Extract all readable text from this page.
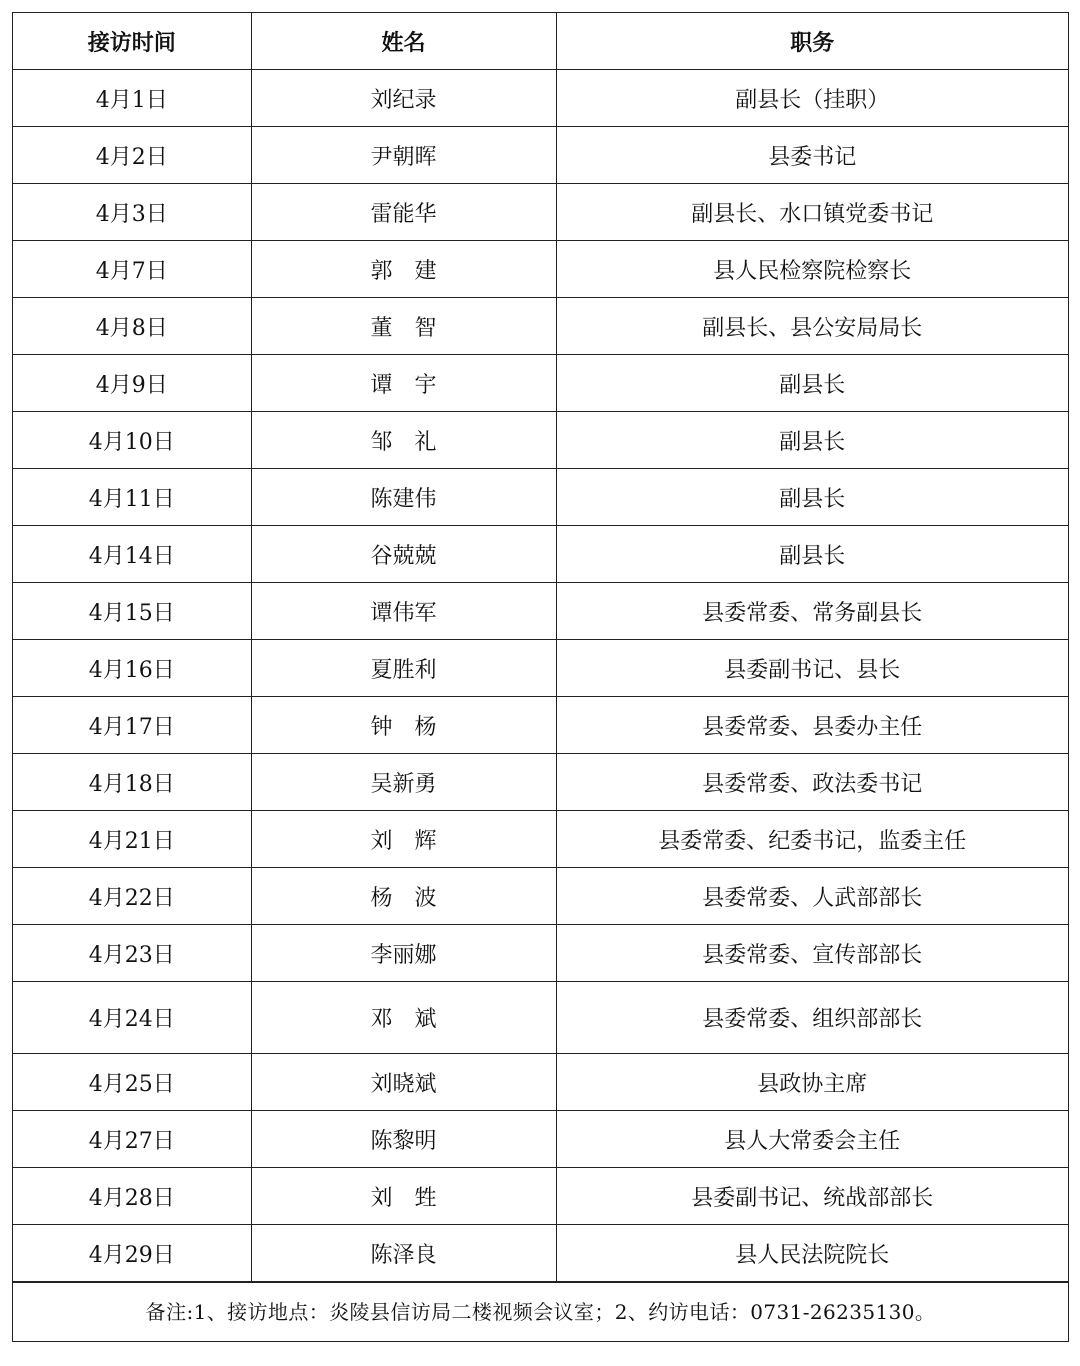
接访时间	姓名	职务
4月1日	刘纪录	副县长（挂职）
4月2日	尹朝晖	县委书记
4月3日	雷能华	副县长、水口镇党委书记
4月7日	郭　建	县人民检察院检察长
4月8日	董　智	副县长、县公安局局长
4月9日	谭　宇	副县长
4月10日	邹　礼	副县长
4月11日	陈建伟	副县长
4月14日	谷兢兢	副县长
4月15日	谭伟军	县委常委、常务副县长
4月16日	夏胜利	县委副书记、县长
4月17日	钟　杨	县委常委、县委办主任
4月18日	吴新勇	县委常委、政法委书记
4月21日	刘　辉	县委常委、纪委书记，监委主任
4月22日	杨　波	县委常委、人武部部长
4月23日	李丽娜	县委常委、宣传部部长
4月24日	邓　斌	县委常委、组织部部长
4月25日	刘晓斌	县政协主席
4月27日	陈黎明	县人大常委会主任
4月28日	刘　甡	县委副书记、统战部部长
4月29日	陈泽良	县人民法院院长
备注:1、接访地点：炎陵县信访局二楼视频会议室；2、约访电话：0731-26235130。
